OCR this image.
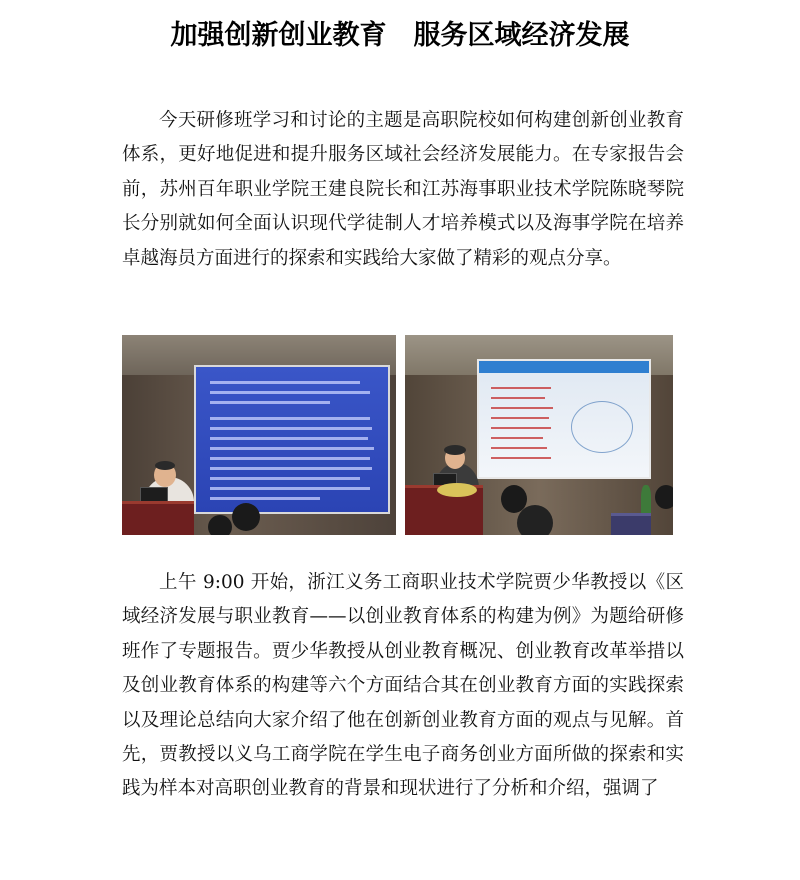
加强创新创业教育　服务区域经济发展

今天研修班学习和讨论的主题是高职院校如何构建创新创业教育体系，更好地促进和提升服务区域社会经济发展能力。在专家报告会前，苏州百年职业学院王建良院长和江苏海事职业技术学院陈晓琴院长分别就如何全面认识现代学徒制人才培养模式以及海事学院在培养卓越海员方面进行的探索和实践给大家做了精彩的观点分享。

上午 9:00 开始，浙江义务工商职业技术学院贾少华教授以《区域经济发展与职业教育——以创业教育体系的构建为例》为题给研修班作了专题报告。贾少华教授从创业教育概况、创业教育改革举措以及创业教育体系的构建等六个方面结合其在创业教育方面的实践探索以及理论总结向大家介绍了他在创新创业教育方面的观点与见解。首先，贾教授以义乌工商学院在学生电子商务创业方面所做的探索和实践为样本对高职创业教育的背景和现状进行了分析和介绍，强调了
